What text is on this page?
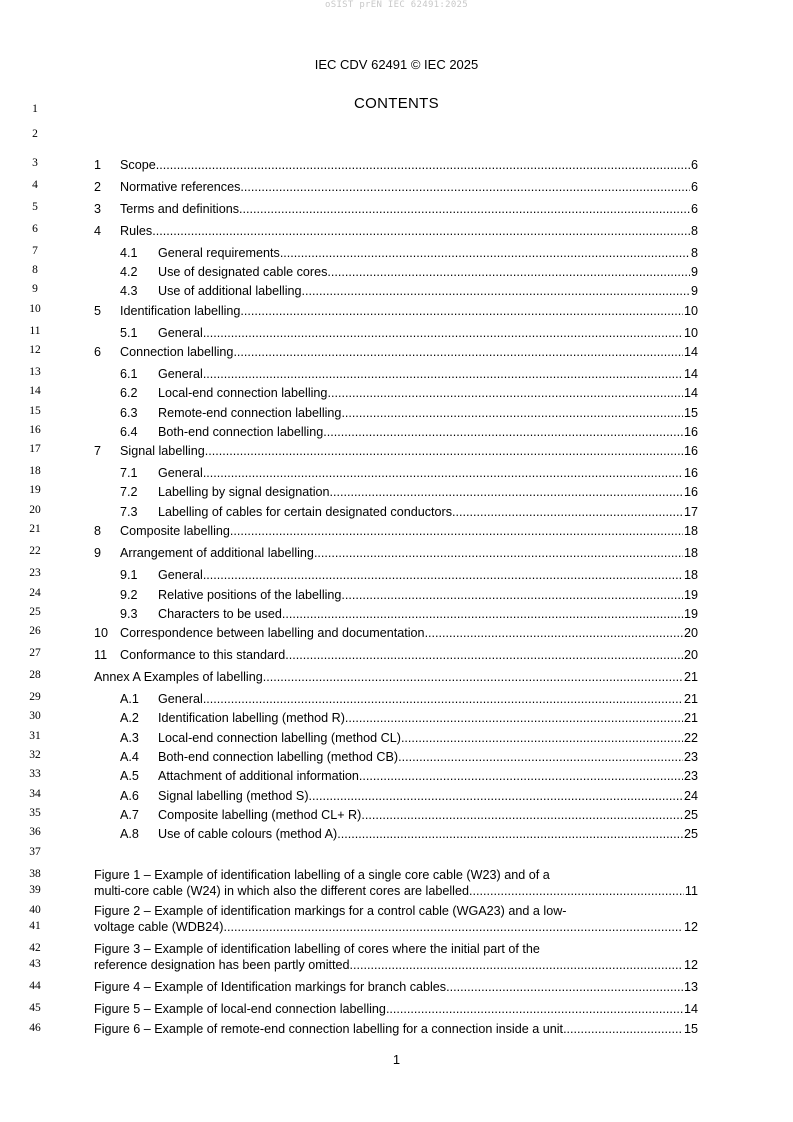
oSIST prEN IEC 62491:2025
IEC CDV 62491 © IEC 2025
CONTENTS
2
37
1
3
4
5
6
7
8
9
10
11
12
13
14
15
16
17
18
19
20
21
22
23
24
25
26
27
28
29
30
31
32
33
34
35
36
38
39
40
41
42
43
44
45
46
1	Scope .....	6
2	Normative references .....	6
3	Terms and definitions .....	6
4	Rules .....	8
4.1	General requirements .....	8
4.2	Use of designated cable cores .....	9
4.3	Use of additional labelling .....	9
5	Identification labelling .....	10
5.1	General .....	10
6	Connection labelling .....	14
6.1	General .....	14
6.2	Local-end connection labelling .....	14
6.3	Remote-end connection labelling .....	15
6.4	Both-end connection labelling .....	16
7	Signal labelling .....	16
7.1	General .....	16
7.2	Labelling by signal designation .....	16
7.3	Labelling of cables for certain designated conductors .....	17
8	Composite labelling .....	18
9	Arrangement of additional labelling .....	18
9.1	General .....	18
9.2	Relative positions of the labelling .....	19
9.3	Characters to be used .....	19
10 Correspondence between labelling and documentation .....	20
11	Conformance to this standard .....	20
Annex A Examples of labelling .....	21
A.1	General .....	21
A.2	Identification labelling (method R) .....	21
A.3	Local-end connection labelling (method CL) .....	22
A.4	Both-end connection labelling (method CB) .....	23
A.5	Attachment of additional information .....	23
A.6	Signal labelling (method S) .....	24
A.7	Composite labelling (method CL+ R) .....	25
A.8	Use of cable colours (method A) .....	25
Figure 1 – Example of identification labelling of a single core cable (W23) and of a
multi-core cable (W24) in which also the different cores are labelled .....	11
Figure 2 – Example of identification markings for a control cable (WGA23) and a low-
voltage cable (WDB24) .....	12
Figure 3 – Example of identification labelling of cores where the initial part of the
reference designation has been partly omitted .....	12
Figure 4 – Example of Identification markings for branch cables .....	13
Figure 5 – Example of local-end connection labelling .....	14
Figure 6 – Example of remote-end connection labelling for a connection inside a unit .....	15
1
